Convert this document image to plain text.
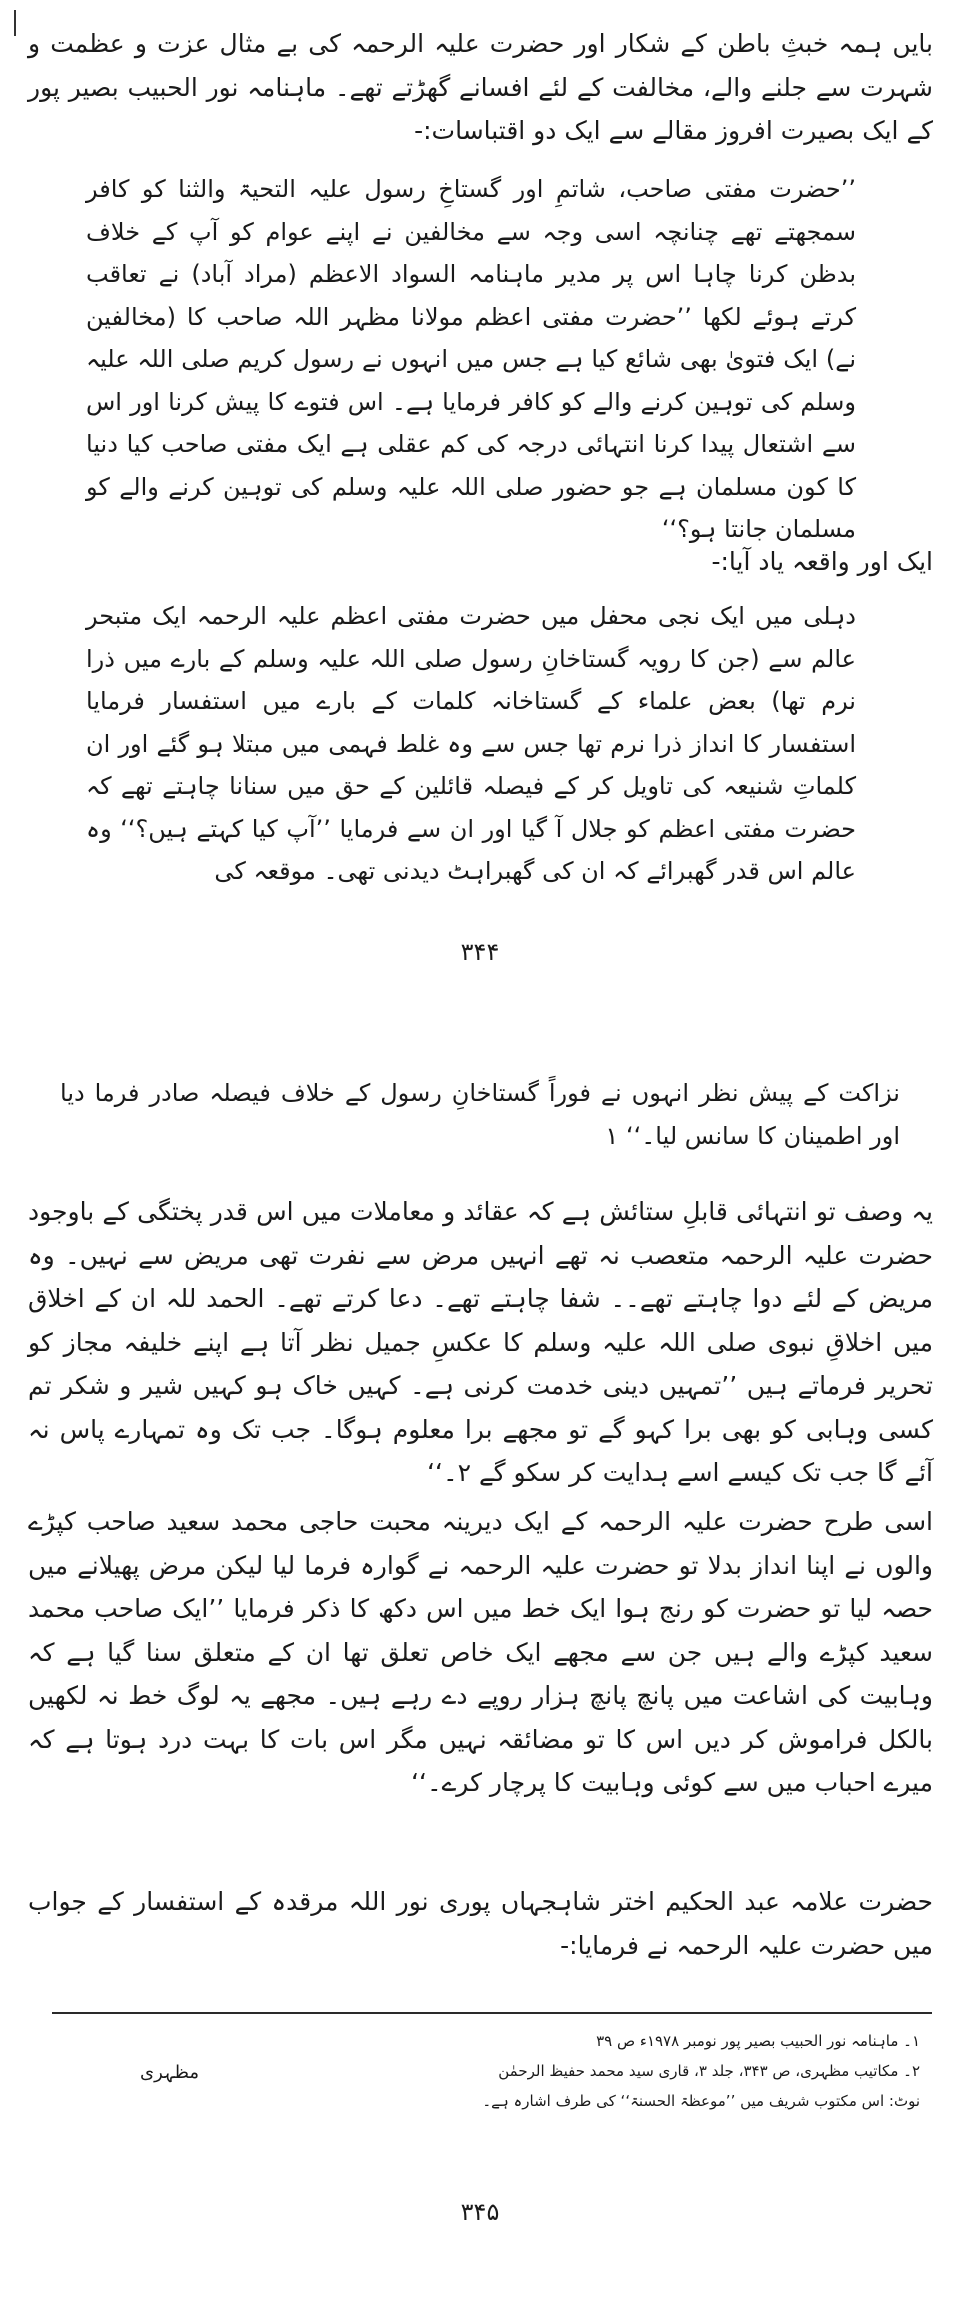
بایں ہمہ خبثِ باطن کے شکار اور حضرت علیہ الرحمہ کی بے مثال عزت و عظمت و شہرت سے جلنے والے، مخالفت کے لئے افسانے گھڑتے تھے۔ ماہنامہ نور الحبیب بصیر پور کے ایک بصیرت افروز مقالے سے ایک دو اقتباسات:-

’’حضرت مفتی صاحب، شاتمِ اور گستاخِ رسول علیہ التحیۃ والثنا کو کافر سمجھتے تھے چنانچہ اسی وجہ سے مخالفین نے اپنے عوام کو آپ کے خلاف بدظن کرنا چاہا اس پر مدیر ماہنامہ السواد الاعظم (مراد آباد) نے تعاقب کرتے ہوئے لکھا ’’حضرت مفتی اعظم مولانا مظہر اللہ صاحب کا (مخالفین نے) ایک فتویٰ بھی شائع کیا ہے جس میں انہوں نے رسول کریم صلی اللہ علیہ وسلم کی توہین کرنے والے کو کافر فرمایا ہے۔ اس فتوے کا پیش کرنا اور اس سے اشتعال پیدا کرنا انتہائی درجہ کی کم عقلی ہے ایک مفتی صاحب کیا دنیا کا کون مسلمان ہے جو حضور صلی اللہ علیہ وسلم کی توہین کرنے والے کو مسلمان جانتا ہو؟‘‘

ایک اور واقعہ یاد آیا:-

دہلی میں ایک نجی محفل میں حضرت مفتی اعظم علیہ الرحمہ ایک متبحر عالم سے (جن کا رویہ گستاخانِ رسول صلی اللہ علیہ وسلم کے بارے میں ذرا نرم تھا) بعض علماء کے گستاخانہ کلمات کے بارے میں استفسار فرمایا استفسار کا انداز ذرا نرم تھا جس سے وہ غلط فہمی میں مبتلا ہو گئے اور ان کلماتِ شنیعہ کی تاویل کر کے فیصلہ قائلین کے حق میں سنانا چاہتے تھے کہ حضرت مفتی اعظم کو جلال آ گیا اور ان سے فرمایا ’’آپ کیا کہتے ہیں؟‘‘ وہ عالم اس قدر گھبرائے کہ ان کی گھبراہٹ دیدنی تھی۔ موقعہ کی

۳۴۴

نزاکت کے پیش نظر انہوں نے فوراً گستاخانِ رسول کے خلاف فیصلہ صادر فرما دیا اور اطمینان کا سانس لیا۔‘‘ ۱

یہ وصف تو انتہائی قابلِ ستائش ہے کہ عقائد و معاملات میں اس قدر پختگی کے باوجود حضرت علیہ الرحمہ متعصب نہ تھے انہیں مرض سے نفرت تھی مریض سے نہیں۔ وہ مریض کے لئے دوا چاہتے تھے۔۔ شفا چاہتے تھے۔ دعا کرتے تھے۔ الحمد للہ ان کے اخلاق میں اخلاقِ نبوی صلی اللہ علیہ وسلم کا عکسِ جمیل نظر آتا ہے اپنے خلیفہ مجاز کو تحریر فرماتے ہیں ’’تمہیں دینی خدمت کرنی ہے۔ کہیں خاک ہو کہیں شیر و شکر تم کسی وہابی کو بھی برا کہو گے تو مجھے برا معلوم ہوگا۔ جب تک وہ تمہارے پاس نہ آئے گا جب تک کیسے اسے ہدایت کر سکو گے ۲۔‘‘

اسی طرح حضرت علیہ الرحمہ کے ایک دیرینہ محبت حاجی محمد سعید صاحب کپڑے والوں نے اپنا انداز بدلا تو حضرت علیہ الرحمہ نے گوارہ فرما لیا لیکن مرض پھیلانے میں حصہ لیا تو حضرت کو رنج ہوا ایک خط میں اس دکھ کا ذکر فرمایا ’’ایک صاحب محمد سعید کپڑے والے ہیں جن سے مجھے ایک خاص تعلق تھا ان کے متعلق سنا گیا ہے کہ وہابیت کی اشاعت میں پانچ پانچ ہزار روپے دے رہے ہیں۔ مجھے یہ لوگ خط نہ لکھیں بالکل فراموش کر دیں اس کا تو مضائقہ نہیں مگر اس بات کا بہت درد ہوتا ہے کہ میرے احباب میں سے کوئی وہابیت کا پرچار کرے۔‘‘

حضرت علامہ عبد الحکیم اختر شاہجہاں پوری نور اللہ مرقدہ کے استفسار کے جواب میں حضرت علیہ الرحمہ نے فرمایا:-

۱۔ ماہنامہ نور الحبیب بصیر پور نومبر ۱۹۷۸ء ص ۳۹

۲۔ مکاتیب مظہری، ص ۳۴۳، جلد ۳، قاری سید محمد حفیظ الرحمٰن

نوٹ: اس مکتوب شریف میں ’’موعظۃ الحسنۃ‘‘ کی طرف اشارہ ہے۔

مظہری

۳۴۵
